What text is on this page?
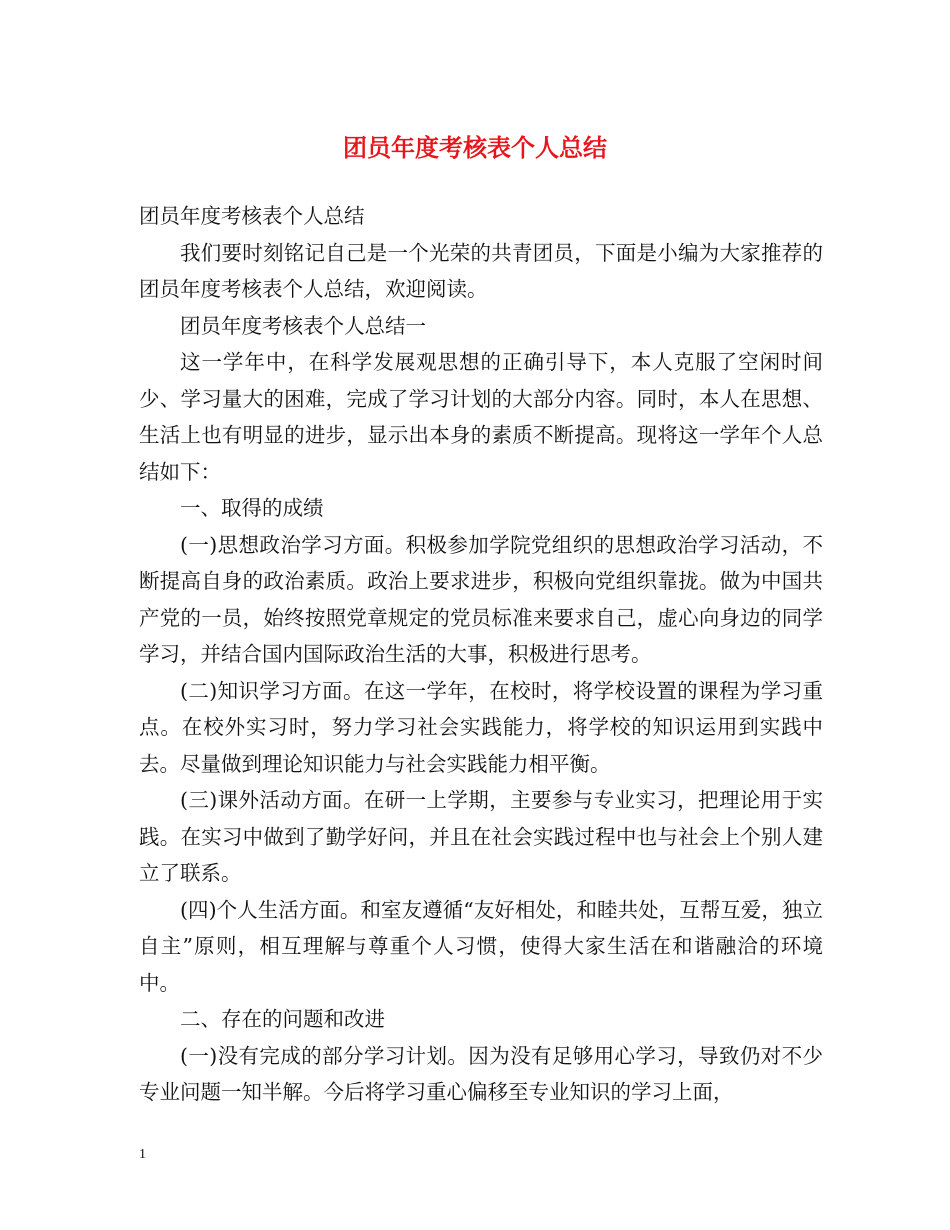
团员年度考核表个人总结

团员年度考核表个人总结

我们要时刻铭记自己是一个光荣的共青团员，下面是小编为大家推荐的团员年度考核表个人总结，欢迎阅读。

团员年度考核表个人总结一

这一学年中，在科学发展观思想的正确引导下，本人克服了空闲时间少、学习量大的困难，完成了学习计划的大部分内容。同时，本人在思想、生活上也有明显的进步，显示出本身的素质不断提高。现将这一学年个人总结如下：

一、取得的成绩

(一)思想政治学习方面。积极参加学院党组织的思想政治学习活动，不断提高自身的政治素质。政治上要求进步，积极向党组织靠拢。做为中国共产党的一员，始终按照党章规定的党员标准来要求自己，虚心向身边的同学学习，并结合国内国际政治生活的大事，积极进行思考。

(二)知识学习方面。在这一学年，在校时，将学校设置的课程为学习重点。在校外实习时，努力学习社会实践能力，将学校的知识运用到实践中去。尽量做到理论知识能力与社会实践能力相平衡。

(三)课外活动方面。在研一上学期，主要参与专业实习，把理论用于实践。在实习中做到了勤学好问，并且在社会实践过程中也与社会上个别人建立了联系。

(四)个人生活方面。和室友遵循“友好相处，和睦共处，互帮互爱，独立自主”原则，相互理解与尊重个人习惯，使得大家生活在和谐融洽的环境中。

二、存在的问题和改进

(一)没有完成的部分学习计划。因为没有足够用心学习，导致仍对不少专业问题一知半解。今后将学习重心偏移至专业知识的学习上面，

1
